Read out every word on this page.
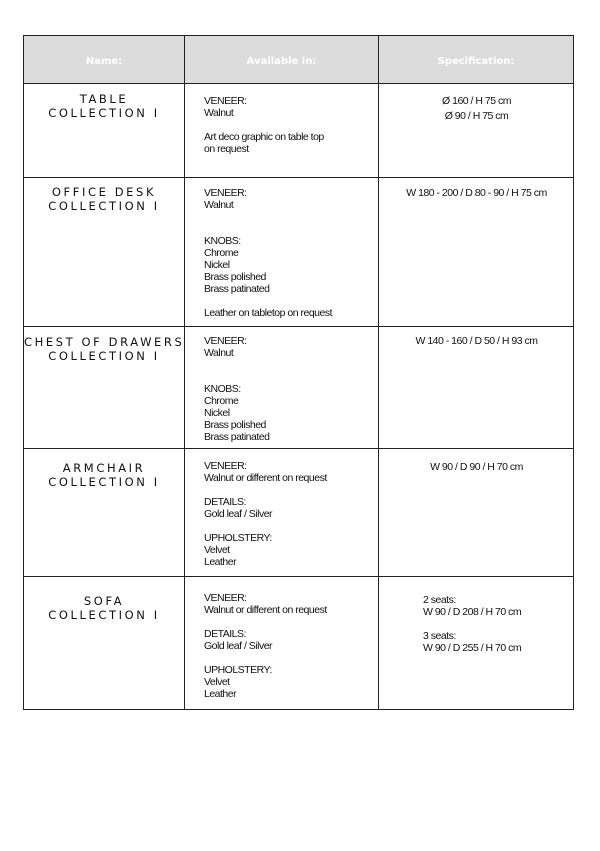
Name:	Available in:	Specification:
TABLE
COLLECTION I
VENEER:
Walnut
Art deco graphic on table top
on request
Ø 160 / H 75 cm
Ø 90 / H 75 cm
OFFICE DESK
COLLECTION I
VENEER:
Walnut
KNOBS:
Chrome
Nickel
Brass polished
Brass patinated
Leather on tabletop on request
W 180 - 200 / D 80 - 90 / H 75 cm
CHEST OF DRAWERS
COLLECTION I
VENEER:
Walnut
KNOBS:
Chrome
Nickel
Brass polished
Brass patinated
W 140 - 160 / D 50 / H 93 cm
ARMCHAIR
COLLECTION I
VENEER:
Walnut or different on request
DETAILS:
Gold leaf / Silver
UPHOLSTERY:
Velvet
Leather
W 90 / D 90 / H 70 cm
SOFA
COLLECTION I
VENEER:
Walnut or different on request
DETAILS:
Gold leaf / Silver
UPHOLSTERY:
Velvet
Leather
2 seats:
W 90 / D 208 / H 70 cm
3 seats:
W 90 / D 255 / H 70 cm
